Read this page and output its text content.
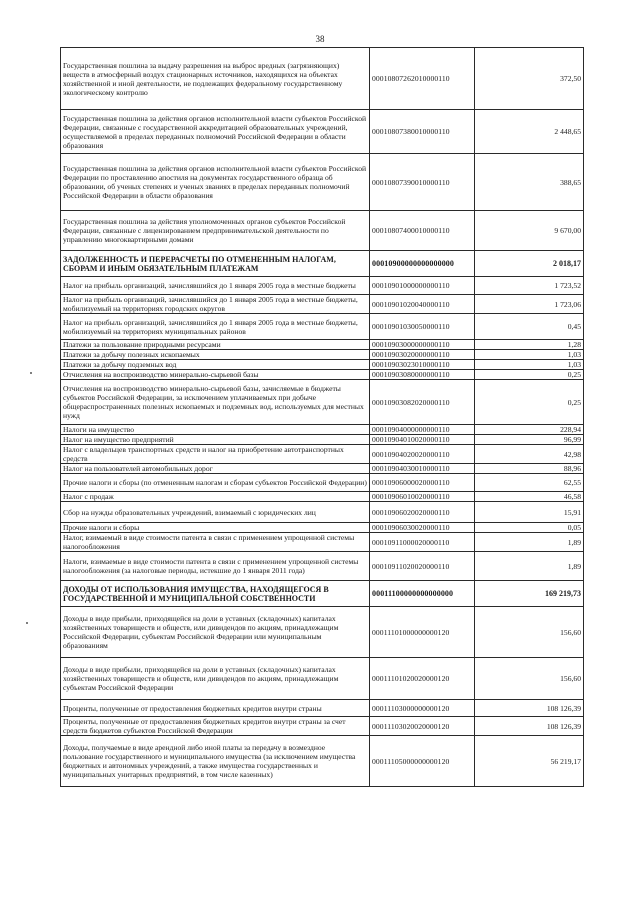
38
Государственная пошлина за выдачу разрешения на выброс вредных (загрязняющих) веществ в атмосферный воздух стационарных источников, находящихся на объектах хозяйственной и иной деятельности, не подлежащих федеральному государственному экологическому контролю	00010807262010000110	372,50
Государственная пошлина за действия органов исполнительной власти субъектов Российской Федерации, связанные с государственной аккредитацией образовательных учреждений, осуществляемой в пределах переданных полномочий Российской Федерации в области образования	00010807380010000110	2 448,65
Государственная пошлина за действия органов исполнительной власти субъектов Российской Федерации по проставлению апостиля на документах государственного образца об образовании, об ученых степенях и ученых званиях в пределах переданных полномочий Российской Федерации в области образования	00010807390010000110	388,65
Государственная пошлина за действия уполномоченных органов субъектов Российской Федерации, связанные с лицензированием предпринимательской деятельности по управлению многоквартирными домами	00010807400010000110	9 670,00
ЗАДОЛЖЕННОСТЬ И ПЕРЕРАСЧЕТЫ ПО ОТМЕНЕННЫМ НАЛОГАМ, СБОРАМ И ИНЫМ ОБЯЗАТЕЛЬНЫМ ПЛАТЕЖАМ	00010900000000000000	2 018,17
Налог на прибыль организаций, зачислявшийся до 1 января 2005 года в местные бюджеты	00010901000000000110	1 723,52
Налог на прибыль организаций, зачислявшийся до 1 января 2005 года в местные бюджеты, мобилизуемый на территориях городских округов	00010901020040000110	1 723,06
Налог на прибыль организаций, зачислявшийся до 1 января 2005 года в местные бюджеты, мобилизуемый на территориях муниципальных районов	00010901030050000110	0,45
Платежи за пользование природными ресурсами	00010903000000000110	1,28
Платежи за добычу полезных ископаемых	00010903020000000110	1,03
Платежи за добычу подземных вод	00010903023010000110	1,03
Отчисления на воспроизводство минерально-сырьевой базы	00010903080000000110	0,25
Отчисления на воспроизводство минерально-сырьевой базы, зачисляемые в бюджеты субъектов Российской Федерации, за исключением уплачиваемых при добыче общераспространенных полезных ископаемых и подземных вод, используемых для местных нужд	00010903082020000110	0,25
Налоги на имущество	00010904000000000110	228,94
Налог на имущество предприятий	00010904010020000110	96,99
Налог с владельцев транспортных средств и налог на приобретение автотранспортных средств	00010904020020000110	42,98
Налог на пользователей автомобильных дорог	00010904030010000110	88,96
Прочие налоги и сборы (по отмененным налогам и сборам субъектов Российской Федерации)	00010906000020000110	62,55
Налог с продаж	00010906010020000110	46,58
Сбор на нужды образовательных учреждений, взимаемый с юридических лиц	00010906020020000110	15,91
Прочие налоги и сборы	00010906030020000110	0,05
Налог, взимаемый в виде стоимости патента в связи с применением упрощенной системы налогообложения	00010911000020000110	1,89
Налоги, взимаемые в виде стоимости патента в связи с применением упрощенной системы налогообложения (за налоговые периоды, истекшие до 1 января 2011 года)	00010911020020000110	1,89
ДОХОДЫ ОТ ИСПОЛЬЗОВАНИЯ ИМУЩЕСТВА, НАХОДЯЩЕГОСЯ В ГОСУДАРСТВЕННОЙ И МУНИЦИПАЛЬНОЙ СОБСТВЕННОСТИ	00011100000000000000	169 219,73
Доходы в виде прибыли, приходящейся на доли в уставных (складочных) капиталах хозяйственных товариществ и обществ, или дивидендов по акциям, принадлежащим Российской Федерации, субъектам Российской Федерации или муниципальным образованиям	00011101000000000120	156,60
Доходы в виде прибыли, приходящейся на доли в уставных (складочных) капиталах хозяйственных товариществ и обществ, или дивидендов по акциям, принадлежащим субъектам Российской Федерации	00011101020020000120	156,60
Проценты, полученные от предоставления бюджетных кредитов внутри страны	00011103000000000120	108 126,39
Проценты, полученные от предоставления бюджетных кредитов внутри страны за счет средств бюджетов субъектов Российской Федерации	00011103020020000120	108 126,39
Доходы, получаемые в виде арендной либо иной платы за передачу в возмездное пользование государственного и муниципального имущества (за исключением имущества бюджетных и автономных учреждений, а также имущества государственных и муниципальных унитарных предприятий, в том числе казенных)	00011105000000000120	56 219,17
